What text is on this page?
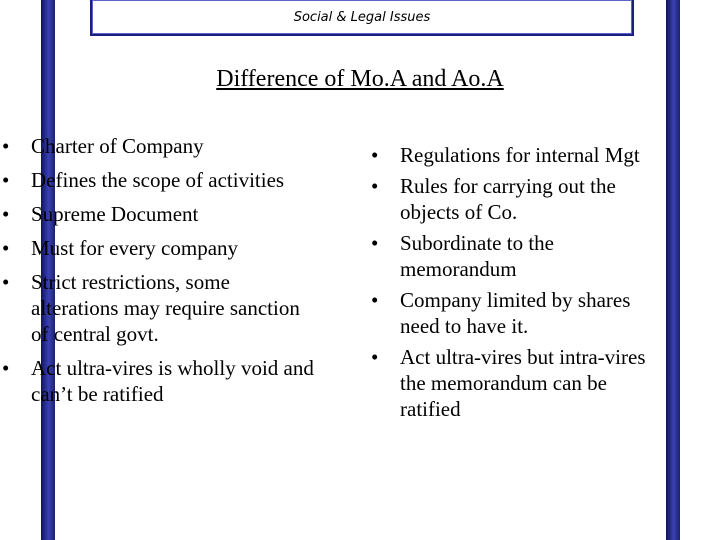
Social & Legal Issues
Difference of Mo.A and Ao.A
•	Charter of Company
•	Defines the scope of activities
•	Supreme Document
•	Must for every company
•	Strict restrictions, some alterations may require sanction of central govt.
•	Act ultra-vires is wholly void and can’t be ratified
•	Regulations for internal Mgt
•	Rules for carrying out the objects of Co.
•	Subordinate to the memorandum
•	Company limited by shares need to have it.
•	Act ultra-vires but intra-vires the memorandum can be ratified
